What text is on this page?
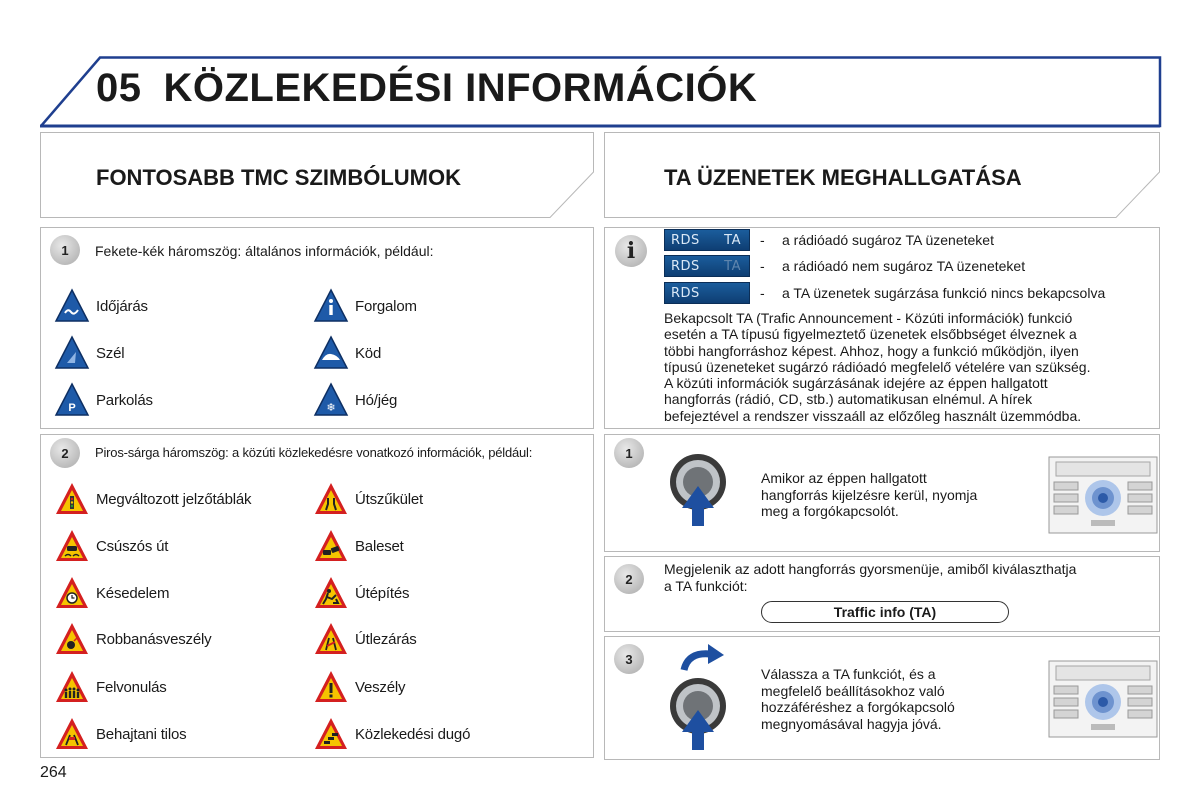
05 KÖZLEKEDÉSI INFORMÁCIÓK
FONTOSABB TMC SZIMBÓLUMOK
1	Fekete-kék háromszög: általános információk, például:
2	Piros-sárga háromszög: a közúti közlekedésre vonatkozó információk, például:
Időjárás	Forgalom
Szél	Köd
P Parkolás	❄ Hó/jég
Megváltozott jelzőtáblák	Útszűkület
Csúszós út	Baleset
Késedelem	Útépítés
Robbanásveszély	Útlezárás
Felvonulás	Veszély
Behajtani tilos	Közlekedési dugó
TA ÜZENETEK MEGHALLGATÁSA
i	RDS TA -	a rádióadó sugároz TA üzeneteket
RDS TA -	a rádióadó nem sugároz TA üzeneteket
RDS	-	a TA üzenetek sugárzása funkció nincs bekapcsolva
Bekapcsolt TA (Trafic Announcement - Közúti információk) funkció
esetén a TA típusú figyelmeztető üzenetek elsőbbséget élveznek a
többi hangforráshoz képest. Ahhoz, hogy a funkció működjön, ilyen
típusú üzeneteket sugárzó rádióadó megfelelő vételére van szükség.
A közúti információk sugárzásának idejére az éppen hallgatott
hangforrás (rádió, CD, stb.) automatikusan elnémul. A hírek
befejeztével a rendszer visszaáll az előzőleg használt üzemmódba.
1
Amikor az éppen hallgatott
hangforrás kijelzésre kerül, nyomja
meg a forgókapcsolót.
2
Megjelenik az adott hangforrás gyorsmenüje, amiből kiválaszthatja
a TA funkciót:
Traffic info (TA)
3
Válassza a TA funkciót, és a
megfelelő beállításokhoz való
hozzáféréshez a forgókapcsoló
megnyomásával hagyja jóvá.
264
